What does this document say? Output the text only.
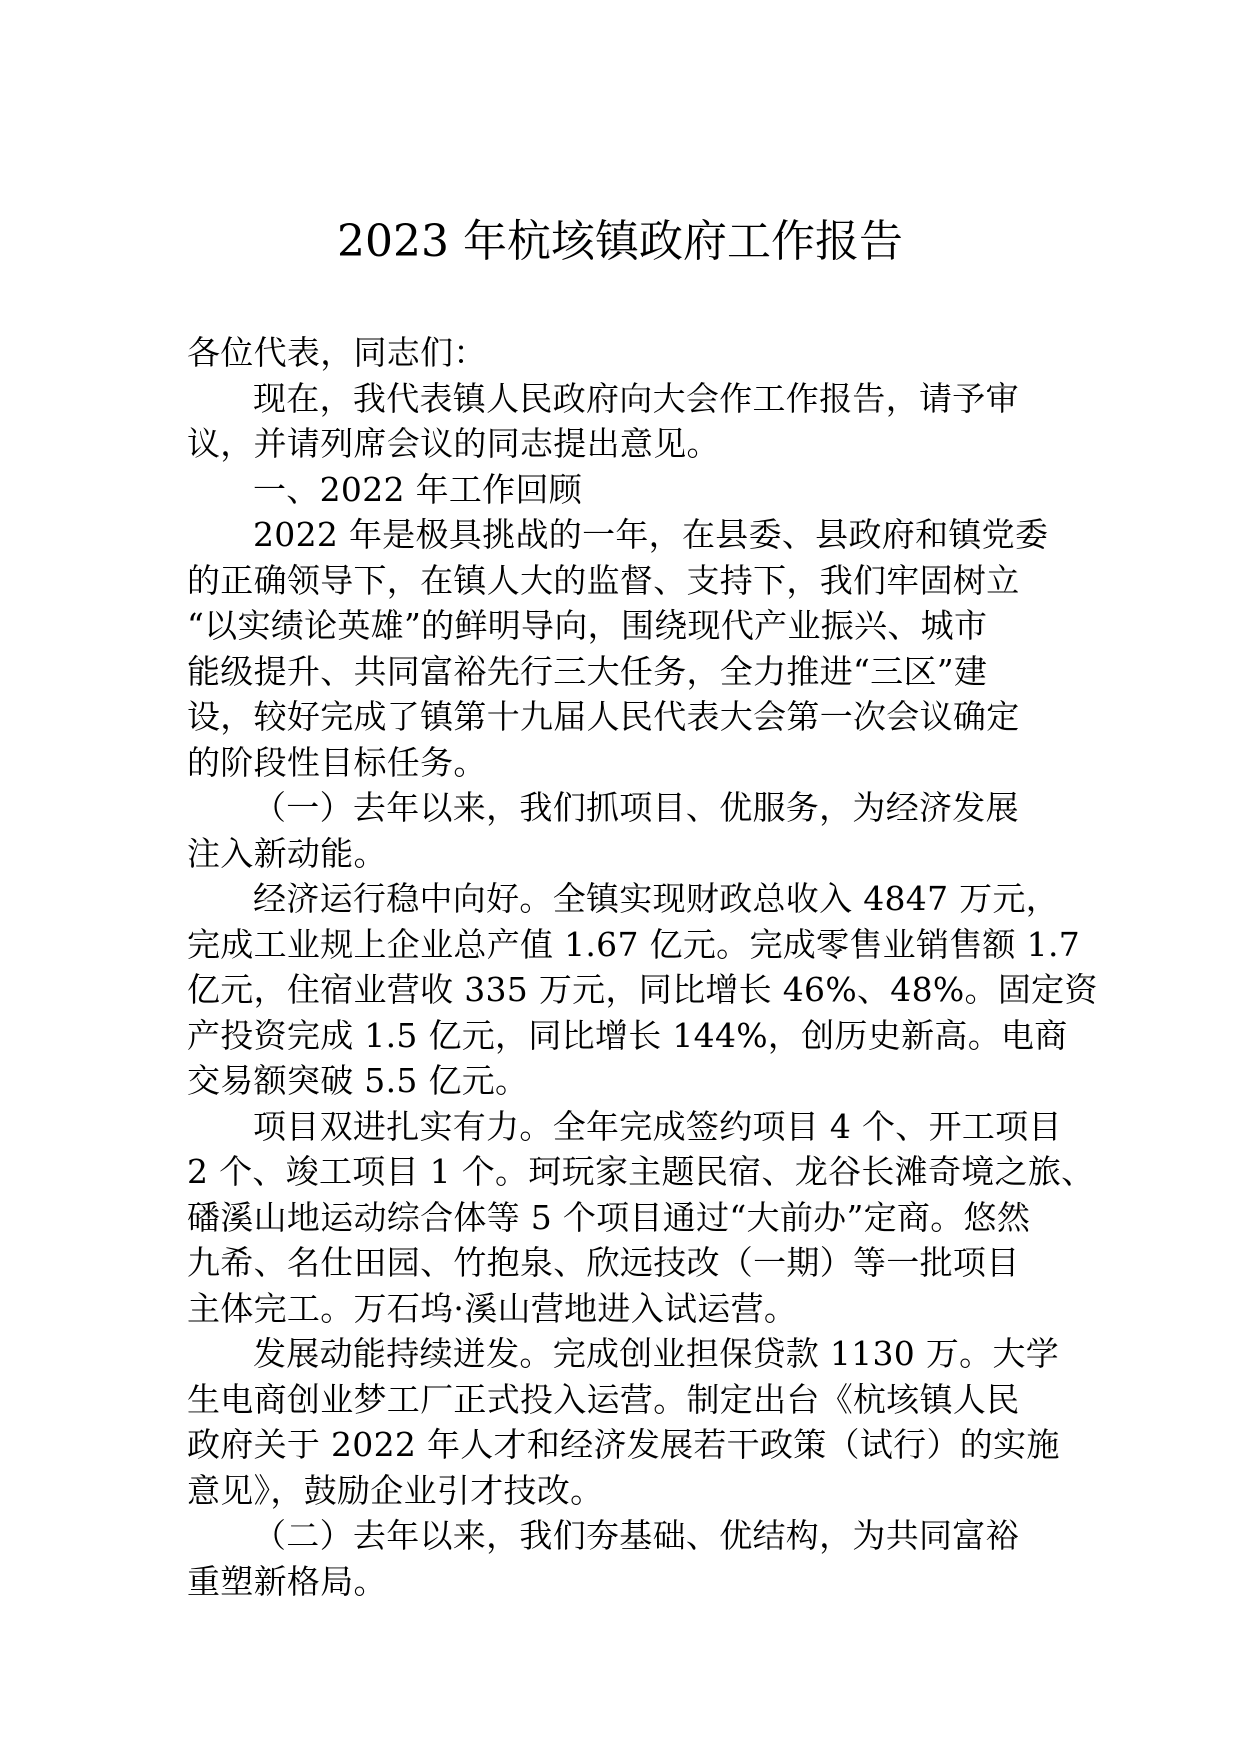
2023 年杭垓镇政府工作报告
各位代表，同志们：
现在，我代表镇人民政府向大会作工作报告，请予审
议，并请列席会议的同志提出意见。
一、2022 年工作回顾
2022 年是极具挑战的一年，在县委、县政府和镇党委
的正确领导下，在镇人大的监督、支持下，我们牢固树立
“以实绩论英雄”的鲜明导向，围绕现代产业振兴、城市
能级提升、共同富裕先行三大任务，全力推进“三区”建
设，较好完成了镇第十九届人民代表大会第一次会议确定
的阶段性目标任务。
（一）去年以来，我们抓项目、优服务，为经济发展
注入新动能。
经济运行稳中向好。全镇实现财政总收入 4847 万元，
完成工业规上企业总产值 1.67 亿元。完成零售业销售额 1.7
亿元，住宿业营收 335 万元，同比增长 46%、48%。固定资
产投资完成 1.5 亿元，同比增长 144%，创历史新高。电商
交易额突破 5.5 亿元。
项目双进扎实有力。全年完成签约项目 4 个、开工项目
2 个、竣工项目 1 个。珂玩家主题民宿、龙谷长滩奇境之旅、
磻溪山地运动综合体等 5 个项目通过“大前办”定商。悠然
九希、名仕田园、竹抱泉、欣远技改（一期）等一批项目
主体完工。万石坞·溪山营地进入试运营。
发展动能持续迸发。完成创业担保贷款 1130 万。大学
生电商创业梦工厂正式投入运营。制定出台《杭垓镇人民
政府关于 2022 年人才和经济发展若干政策（试行）的实施
意见》，鼓励企业引才技改。
（二）去年以来，我们夯基础、优结构，为共同富裕
重塑新格局。
